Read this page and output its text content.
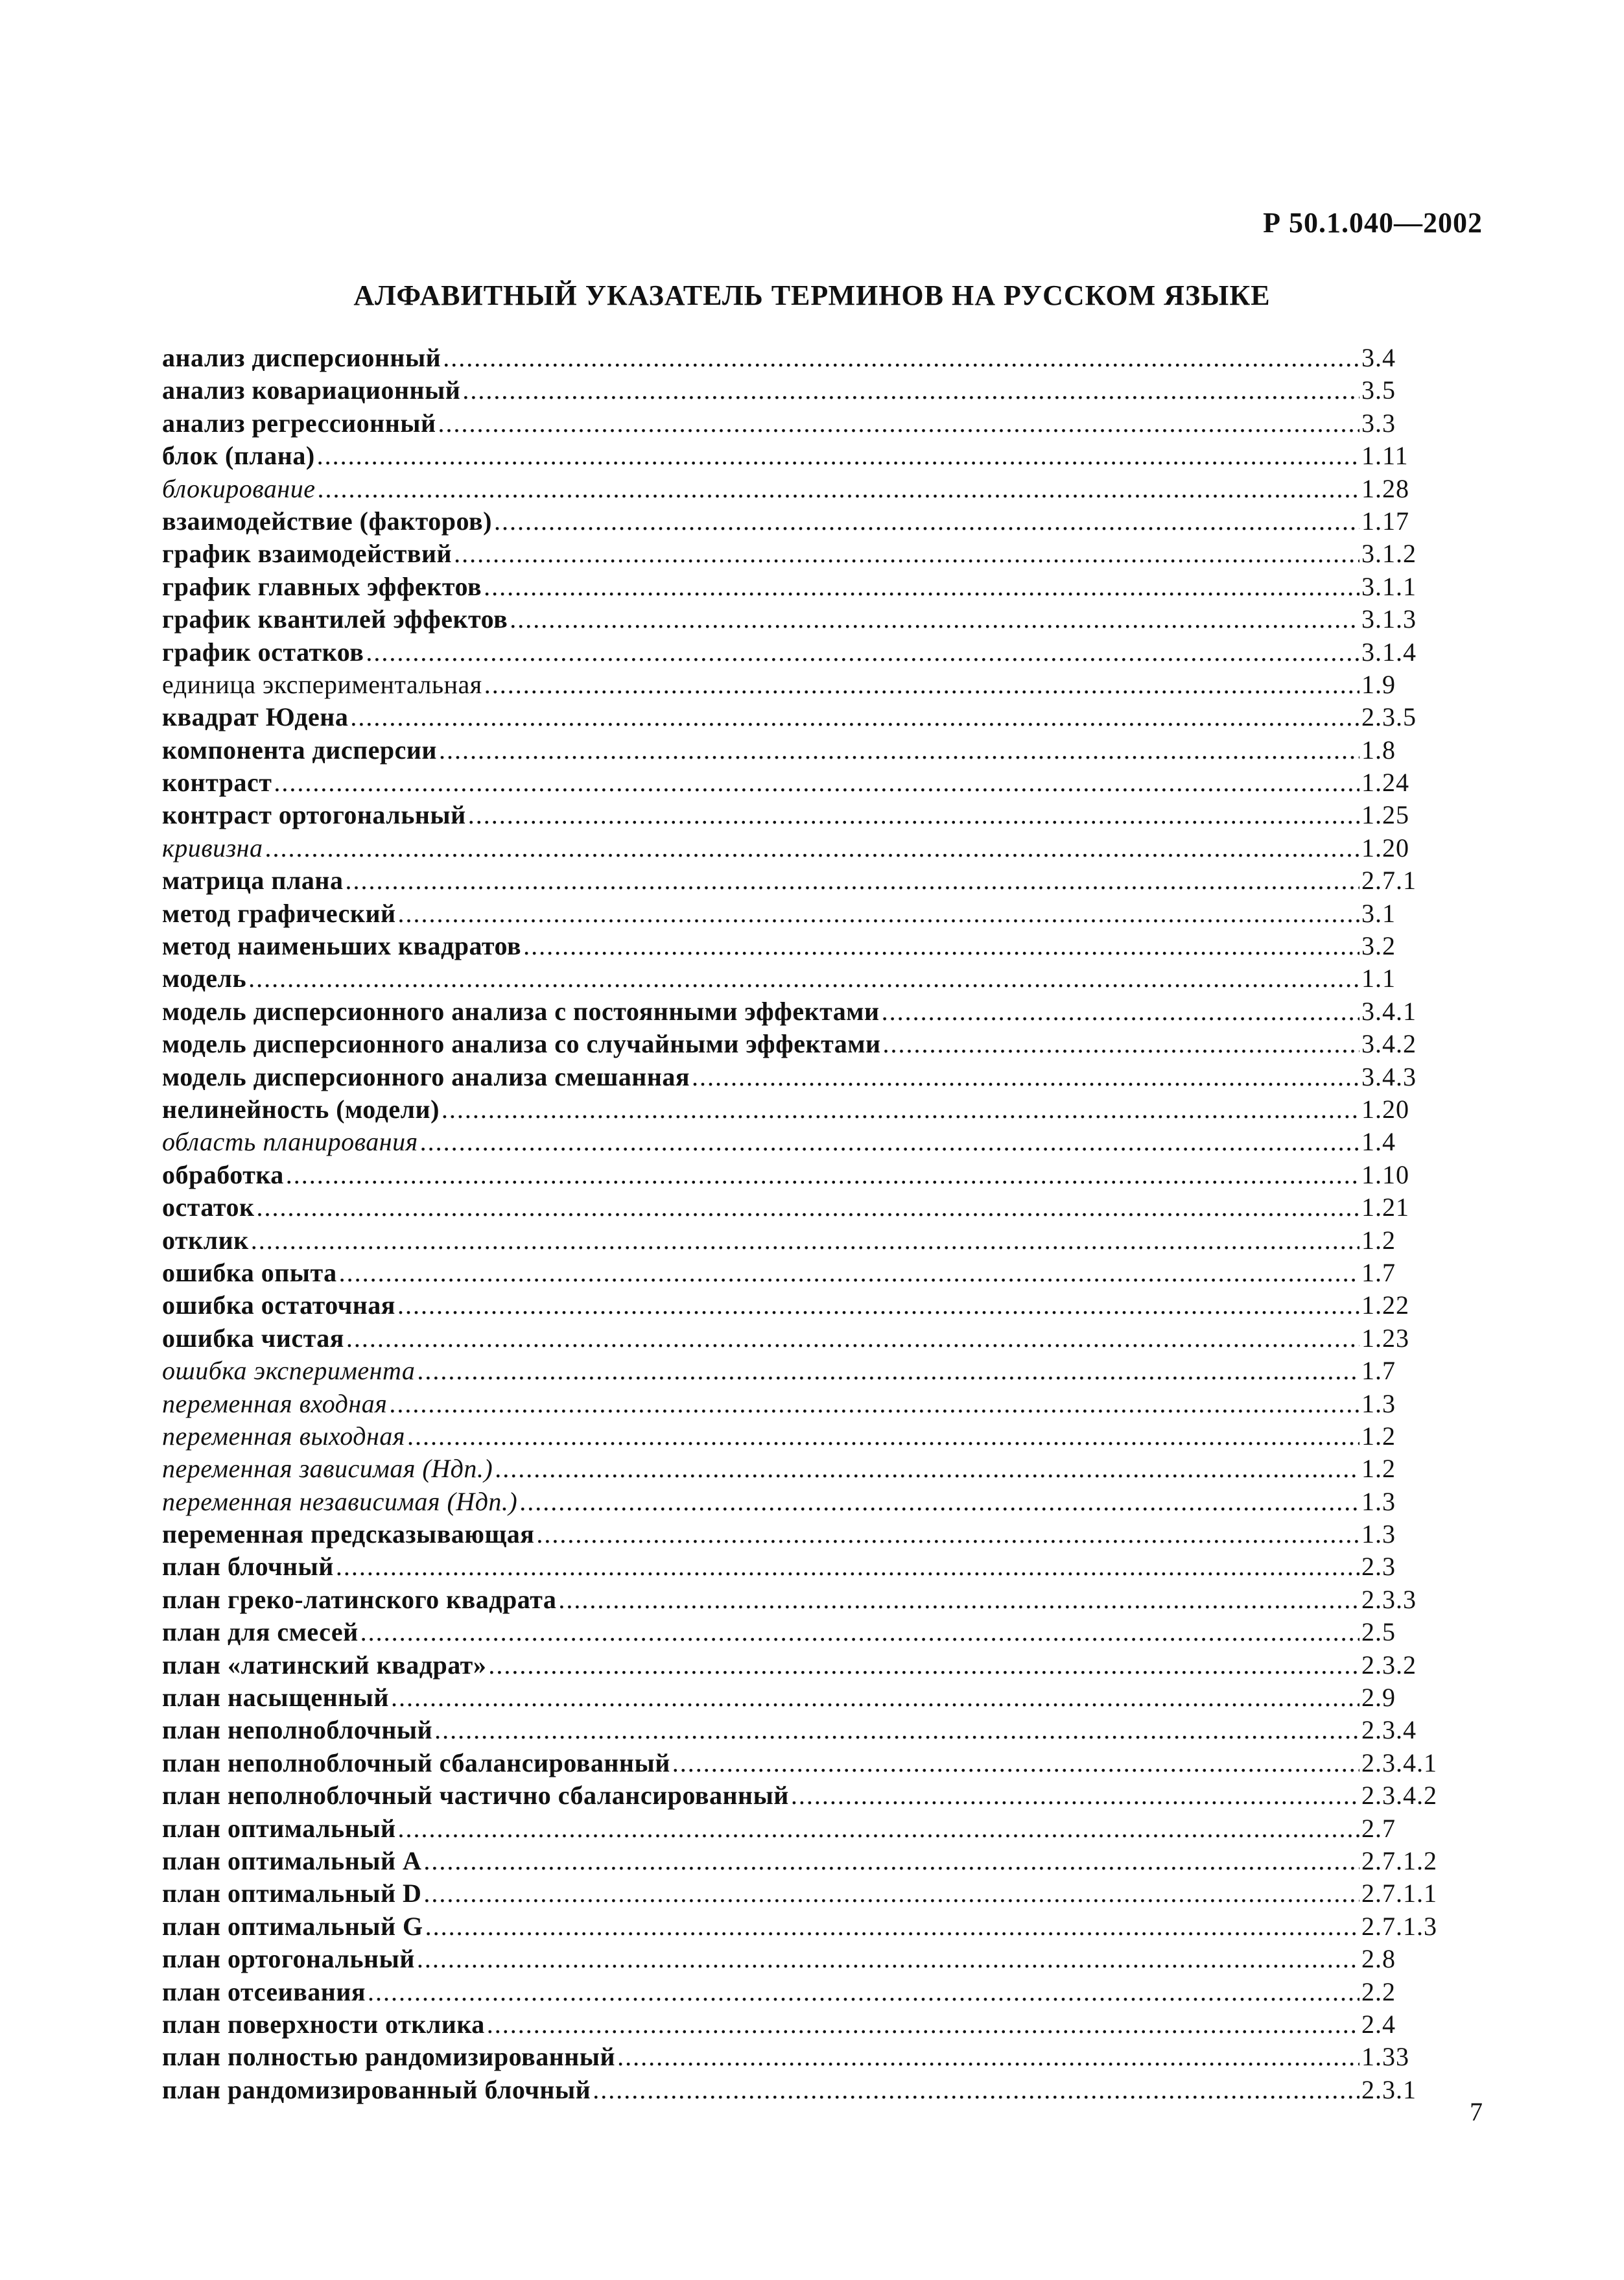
Р 50.1.040—2002
АЛФАВИТНЫЙ УКАЗАТЕЛЬ ТЕРМИНОВ НА РУССКОМ ЯЗЫКЕ
анализ дисперсионный .....	3.4
анализ ковариационный .....	3.5
анализ регрессионный .....	3.3
блок (плана) .....	1.11
блокирование .....	1.28
взаимодействие (факторов) .....	1.17
график взаимодействий .....	3.1.2
график главных эффектов .....	3.1.1
график квантилей эффектов .....	3.1.3
график остатков .....	3.1.4
единица экспериментальная .....	1.9
квадрат Юдена .....	2.3.5
компонента дисперсии .....	1.8
контраст .....	1.24
контраст ортогональный .....	1.25
кривизна .....	1.20
матрица плана .....	2.7.1
метод графический .....	3.1
метод наименьших квадратов .....	3.2
модель .....	1.1
модель дисперсионного анализа с постоянными эффектами .....	3.4.1
модель дисперсионного анализа со случайными эффектами .....	3.4.2
модель дисперсионного анализа смешанная .....	3.4.3
нелинейность (модели) .....	1.20
область планирования .....	1.4
обработка .....	1.10
остаток .....	1.21
отклик .....	1.2
ошибка опыта .....	1.7
ошибка остаточная .....	1.22
ошибка чистая .....	1.23
ошибка эксперимента .....	1.7
переменная входная .....	1.3
переменная выходная .....	1.2
переменная зависимая (Ндп.) .....	1.2
переменная независимая (Ндп.) .....	1.3
переменная предсказывающая .....	1.3
план блочный .....	2.3
план греко-латинского квадрата .....	2.3.3
план для смесей .....	2.5
план «латинский квадрат» .....	2.3.2
план насыщенный .....	2.9
план неполноблочный .....	2.3.4
план неполноблочный сбалансированный .....	2.3.4.1
план неполноблочный частично сбалансированный .....	2.3.4.2
план оптимальный .....	2.7
план оптимальный A .....	2.7.1.2
план оптимальный D .....	2.7.1.1
план оптимальный G .....	2.7.1.3
план ортогональный .....	2.8
план отсеивания .....	2.2
план поверхности отклика .....	2.4
план полностью рандомизированный .....	1.33
план рандомизированный блочный .....	2.3.1
7
